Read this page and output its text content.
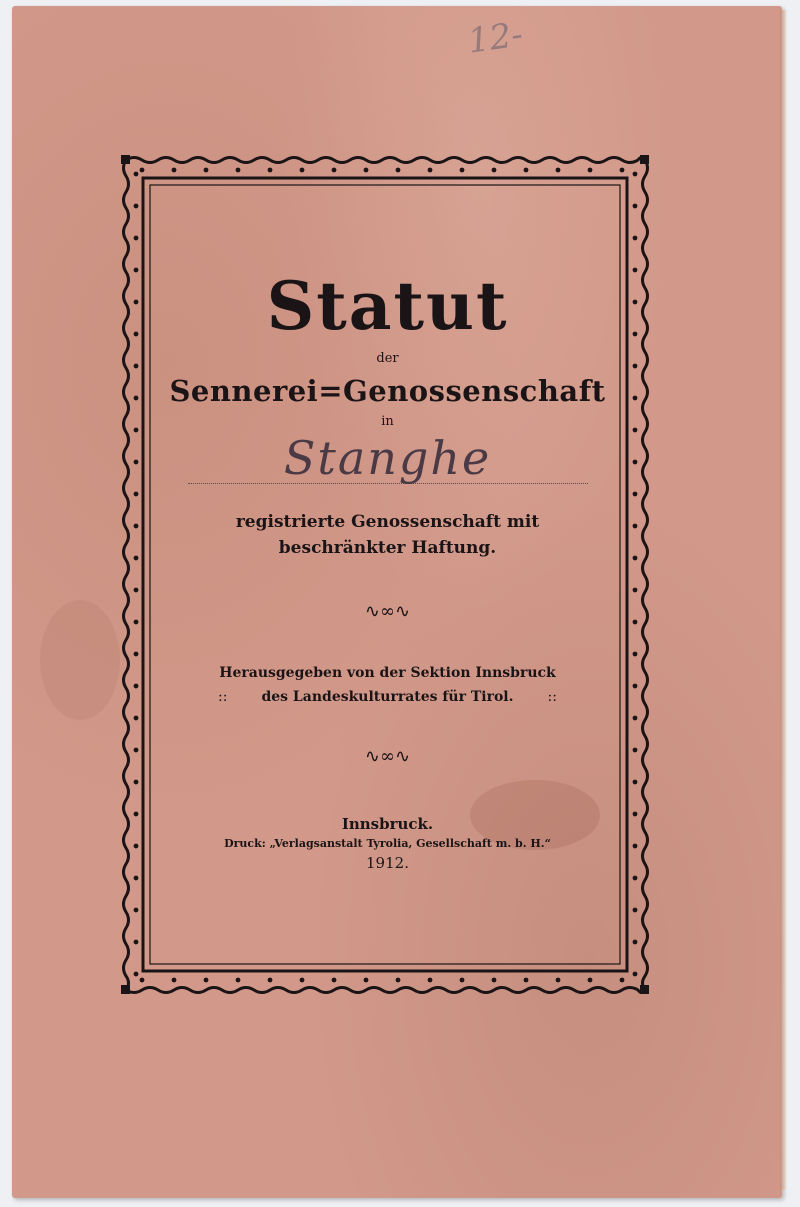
12-
Statut
der
Sennerei=Genossenschaft
in
Stanghe
registrierte Genossenschaft mit beschränkter Haftung.
∿∞∿
Herausgegeben von der Sektion Innsbruck
:: des Landeskulturrates für Tirol. ::
∿∞∿
Innsbruck.
Druck: „Verlagsanstalt Tyrolia, Gesellschaft m. b. H.“
1912.
